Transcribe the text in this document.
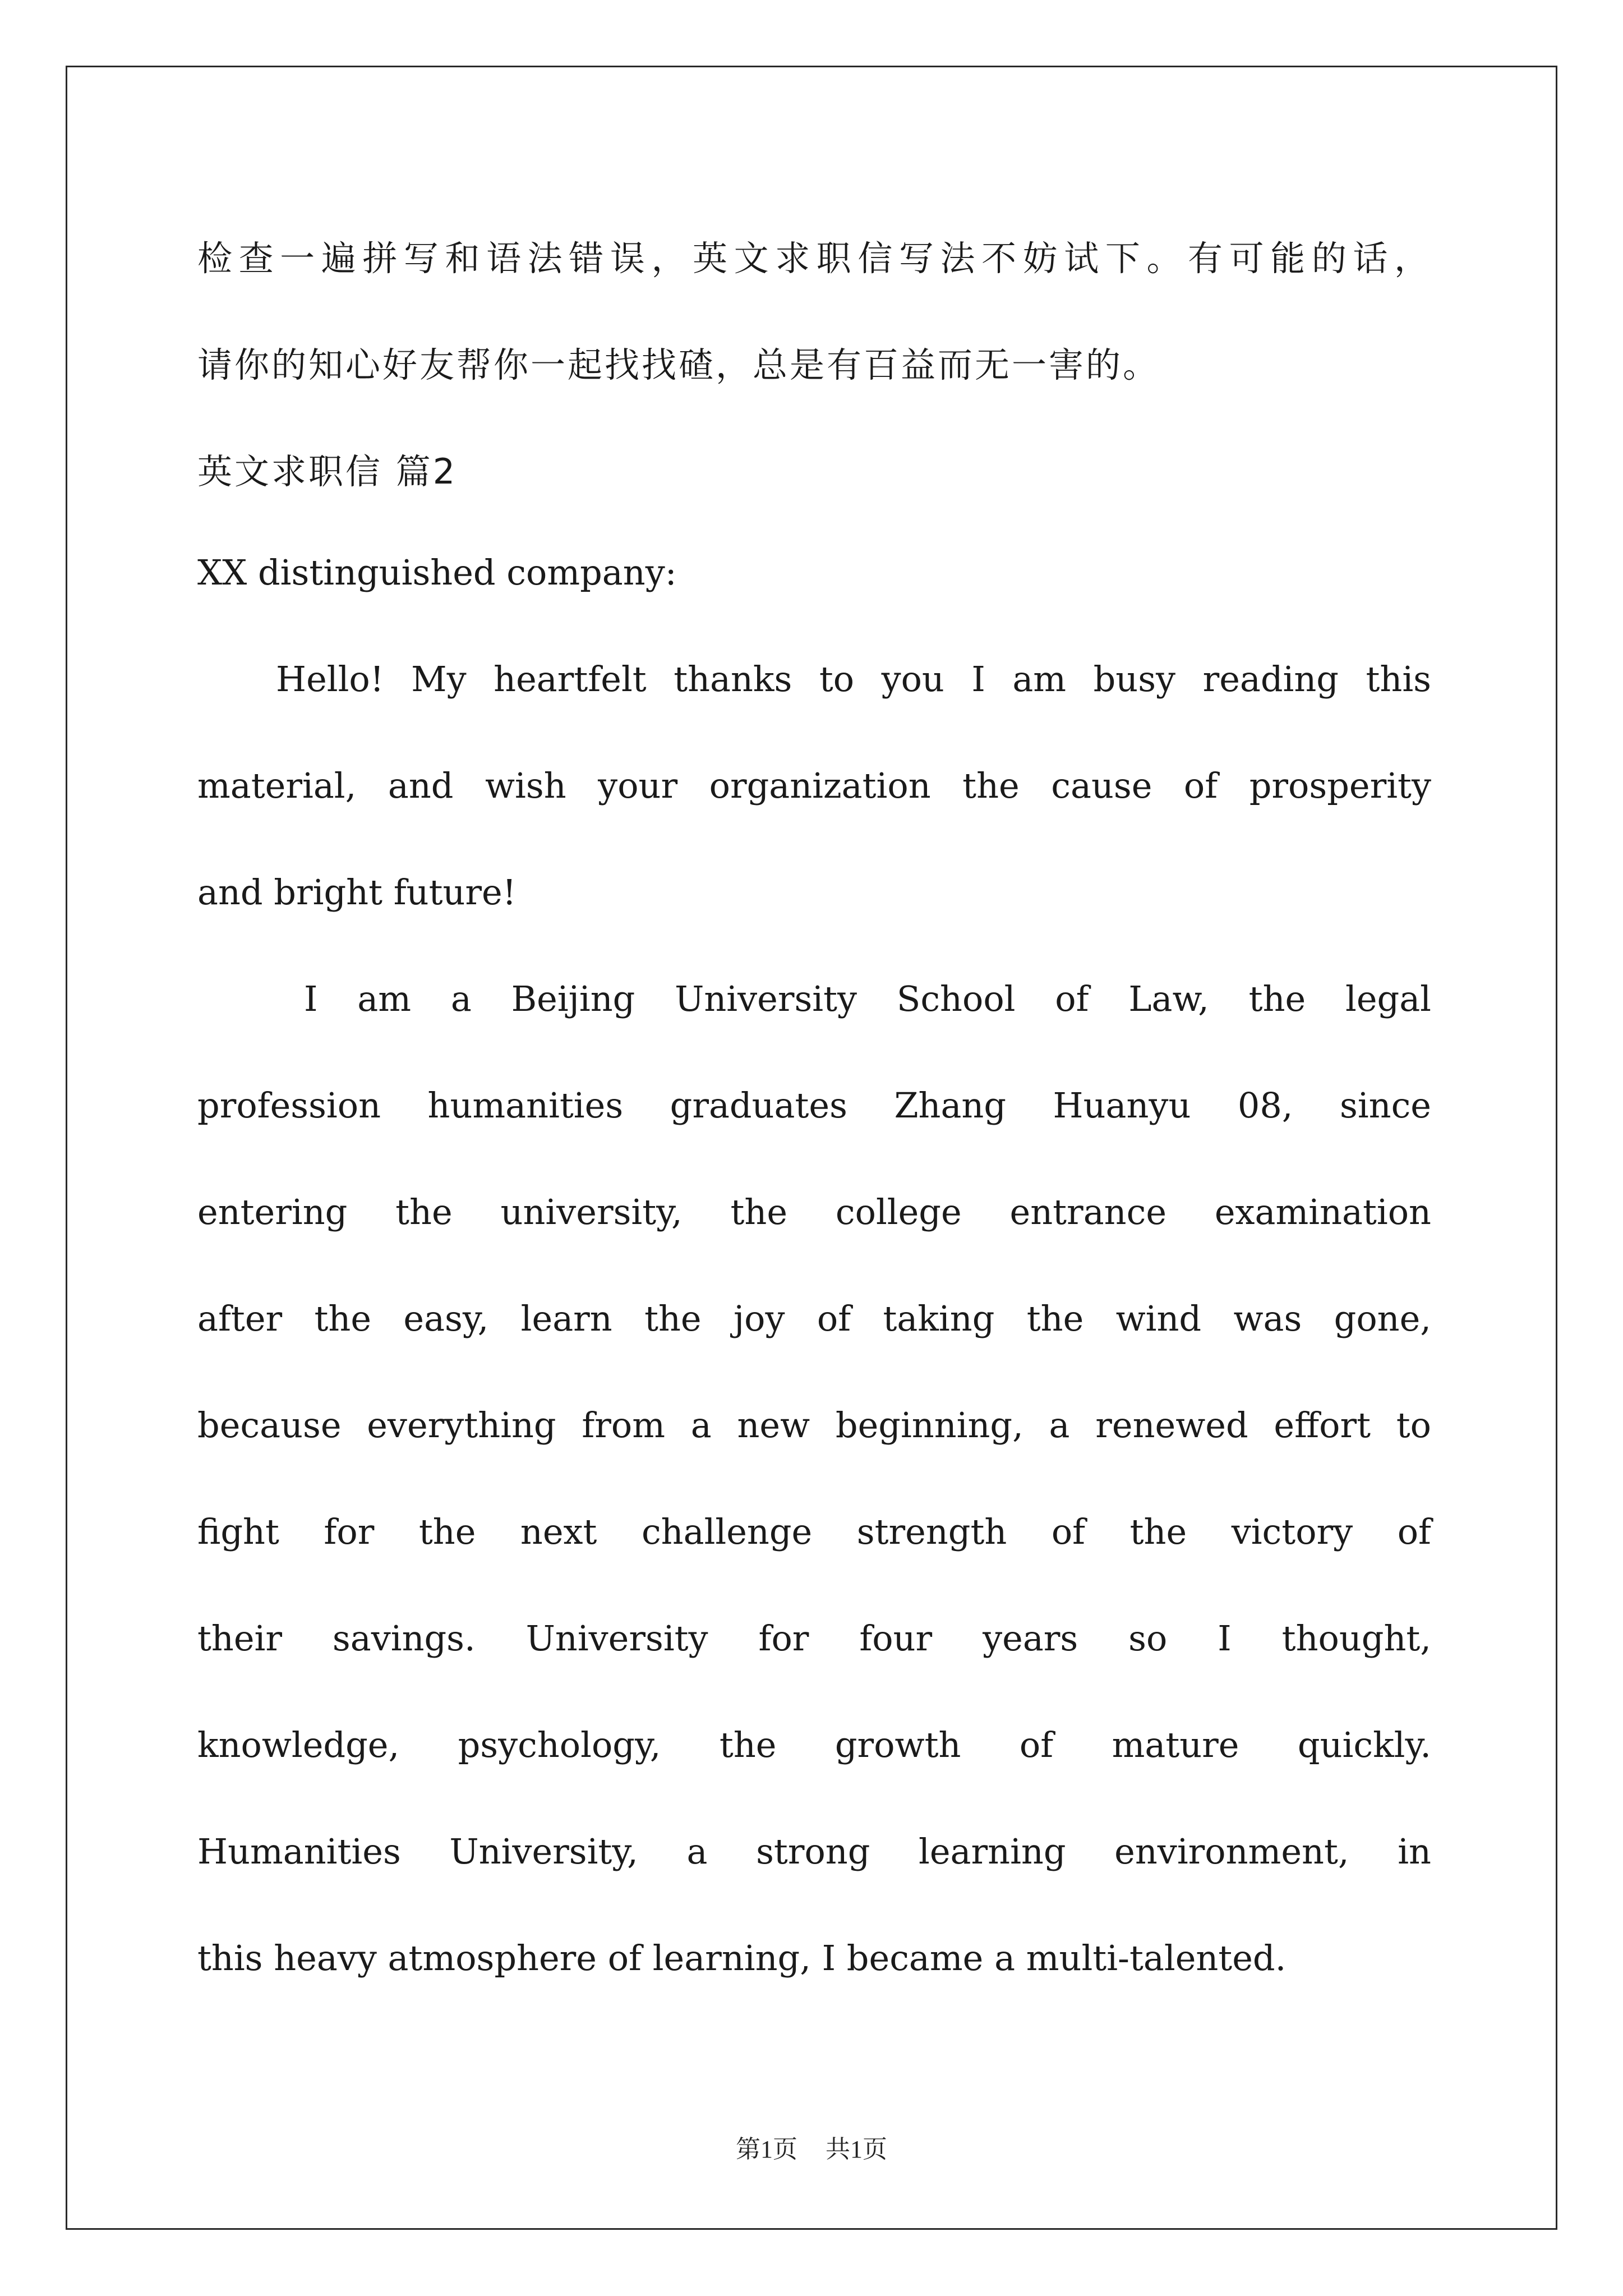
检查一遍拼写和语法错误，英文求职信写法不妨试下。有可能的话，
请你的知心好友帮你一起找找碴，总是有百益而无一害的。
英文求职信 篇2
XX distinguished company:
Hello! My heartfelt thanks to you I am busy reading this
material, and wish your organization the cause of prosperity
and bright future!
I am a Beijing University School of Law, the legal
profession humanities graduates Zhang Huanyu 08, since
entering the university, the college entrance examination
after the easy, learn the joy of taking the wind was gone,
because everything from a new beginning, a renewed effort to
fight for the next challenge strength of the victory of
their savings. University for four years so I thought,
knowledge, psychology, the growth of mature quickly.
Humanities University, a strong learning environment, in
this heavy atmosphere of learning, I became a multi-talented.
第1页 共1页
